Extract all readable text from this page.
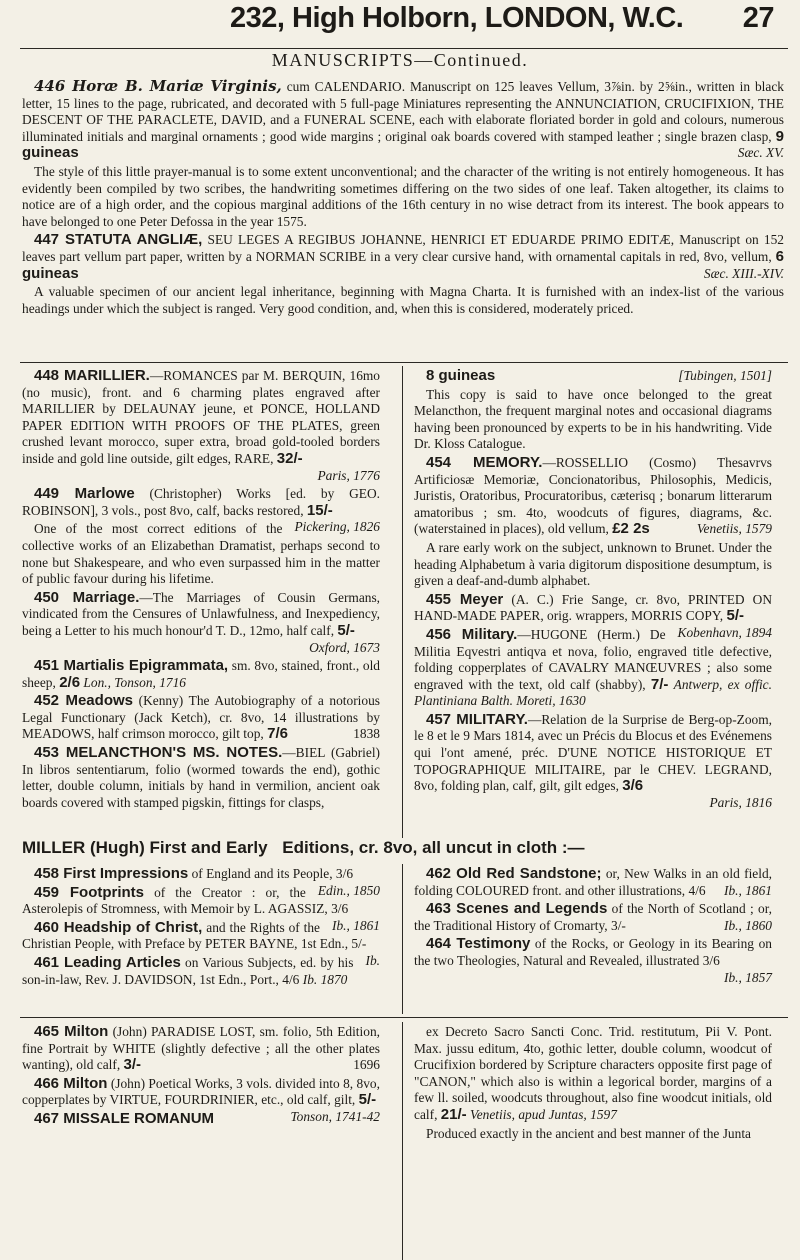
232, High Holborn, LONDON, W.C. 27
MANUSCRIPTS—Continued.

446 Horæ B. Mariæ Virginis, cum CALENDARIO. Manuscript on 125 leaves Vellum, 3⅞in. by 2⅝in., written in black letter, 15 lines to the page, rubricated, and decorated with 5 full-page Miniatures representing the ANNUNCIATION, CRUCIFIXION, THE DESCENT OF THE PARACLETE, DAVID, and a FUNERAL SCENE, each with elaborate floriated border in gold and colours, numerous illuminated initials and marginal ornaments ; good wide margins ; original oak boards covered with stamped leather ; single brazen clasp, 9 guineas	Sæc. XV.

The style of this little prayer-manual is to some extent unconventional; and the character of the writing is not entirely homogeneous. It has evidently been compiled by two scribes, the handwriting sometimes differing on the two sides of one leaf. Taken altogether, its claims to notice are of a high order, and the copious marginal additions of the 16th century in no wise detract from its interest. The book appears to have belonged to one Peter Defossa in the year 1575.

447 STATUTA ANGLIÆ, SEU LEGES A REGIBUS JOHANNE, HENRICI ET EDUARDE PRIMO EDITÆ, Manuscript on 152 leaves part vellum part paper, written by a NORMAN SCRIBE in a very clear cursive hand, with ornamental capitals in red, 8vo, vellum, 6 guineas	Sæc. XIII.-XIV.

A valuable specimen of our ancient legal inheritance, beginning with Magna Charta. It is furnished with an index-list of the various headings under which the subject is ranged. Very good condition, and, when this is considered, moderately priced.

448 MARILLIER.—ROMANCES par M. BERQUIN, 16mo (no music), front. and 6 charming plates engraved after MARILLIER by DELAUNAY jeune, et PONCE, HOLLAND PAPER EDITION WITH PROOFS OF THE PLATES, green crushed levant morocco, super extra, broad gold-tooled borders inside and gold line outside, gilt edges, RARE, 32/-
Paris, 1776

449 Marlowe (Christopher) Works [ed. by GEO. ROBINSON], 3 vols., post 8vo, calf, backs restored, 15/-
Pickering, 1826

One of the most correct editions of the collective works of an Elizabethan Dramatist, perhaps second to none but Shakespeare, and who even surpassed him in the matter of public favour during his lifetime.

450 Marriage.—The Marriages of Cousin Germans, vindicated from the Censures of Unlawfulness, and Inexpediency, being a Letter to his much honour'd T. D., 12mo, half calf, 5/-
Oxford, 1673

451 Martialis Epigrammata, sm. 8vo, stained, front., old sheep, 2/6 Lon., Tonson, 1716

452 Meadows (Kenny) The Autobiography of a notorious Legal Functionary (Jack Ketch), cr. 8vo, 14 illustrations by MEADOWS, half crimson morocco, gilt top, 7/6	1838

453 MELANCTHON'S MS. NOTES.—BIEL (Gabriel) In libros sententiarum, folio (wormed towards the end), gothic letter, double column, initials by hand in vermilion, ancient oak boards covered with stamped pigskin, fittings for clasps,

8 guineas	[Tubingen, 1501]

This copy is said to have once belonged to the great Melancthon, the frequent marginal notes and occasional diagrams having been pronounced by experts to be in his handwriting. Vide Dr. Kloss Catalogue.

454 MEMORY.—ROSSELLIO (Cosmo) Thesavrvs Artificiosæ Memoriæ, Concionatoribus, Philosophis, Medicis, Juristis, Oratoribus, Procuratoribus, cæterisq ; bonarum litterarum amatoribus ; sm. 4to, woodcuts of figures, diagrams, &c. (waterstained in places), old vellum, £2 2s	Venetiis, 1579

A rare early work on the subject, unknown to Brunet. Under the heading Alphabetum à varia digitorum dispositione desumptum, is given a deaf-and-dumb alphabet.

455 Meyer (A. C.) Frie Sange, cr. 8vo, PRINTED ON HAND-MADE PAPER, orig. wrappers, MORRIS COPY, 5/-
Kobenhavn, 1894

456 Military.—HUGONE (Herm.) De Militia Eqvestri antiqva et nova, folio, engraved title defective, folding copperplates of CAVALRY MANŒUVRES ; also some engraved with the text, old calf (shabby), 7/- Antwerp, ex offic. Plantiniana Balth. Moreti, 1630

457 MILITARY.—Relation de la Surprise de Berg-op-Zoom, le 8 et le 9 Mars 1814, avec un Précis du Blocus et des Evénemens qui l'ont amené, préc. D'UNE NOTICE HISTORIQUE ET TOPOGRAPHIQUE MILITAIRE, par le CHEV. LEGRAND, 8vo, folding plan, calf, gilt, gilt edges, 3/6
Paris, 1816

MILLER (Hugh) First and Early Editions, cr. 8vo, all uncut in cloth :—

458 First Impressions of England and its People, 3/6
Edin., 1850

459 Footprints of the Creator : or, the Asterolepis of Stromness, with Memoir by L. AGASSIZ, 3/6
Ib., 1861

460 Headship of Christ, and the Rights of the Christian People, with Preface by PETER BAYNE, 1st Edn., 5/-
Ib.

461 Leading Articles on Various Subjects, ed. by his son-in-law, Rev. J. DAVIDSON, 1st Edn., Port., 4/6 Ib. 1870

462 Old Red Sandstone; or, New Walks in an old field, folding COLOURED front. and other illustrations, 4/6	Ib., 1861

463 Scenes and Legends of the North of Scotland ; or, the Traditional History of Cromarty, 3/-	Ib., 1860

464 Testimony of the Rocks, or Geology in its Bearing on the two Theologies, Natural and Revealed, illustrated 3/6
Ib., 1857

465 Milton (John) PARADISE LOST, sm. folio, 5th Edition, fine Portrait by WHITE (slightly defective ; all the other plates wanting), old calf, 3/-	1696

466 Milton (John) Poetical Works, 3 vols. divided into 8, 8vo, copperplates by VIRTUE, FOURDRINIER, etc., old calf, gilt, 5/-
Tonson, 1741-42

467 MISSALE ROMANUM

ex Decreto Sacro Sancti Conc. Trid. restitutum, Pii V. Pont. Max. jussu editum, 4to, gothic letter, double column, woodcut of Crucifixion bordered by Scripture characters opposite first page of "CANON," which also is within a legorical border, margins of a few ll. soiled, woodcuts throughout, also fine woodcut initials, old calf, 21/- Venetiis, apud Juntas, 1597

Produced exactly in the ancient and best manner of the Junta
